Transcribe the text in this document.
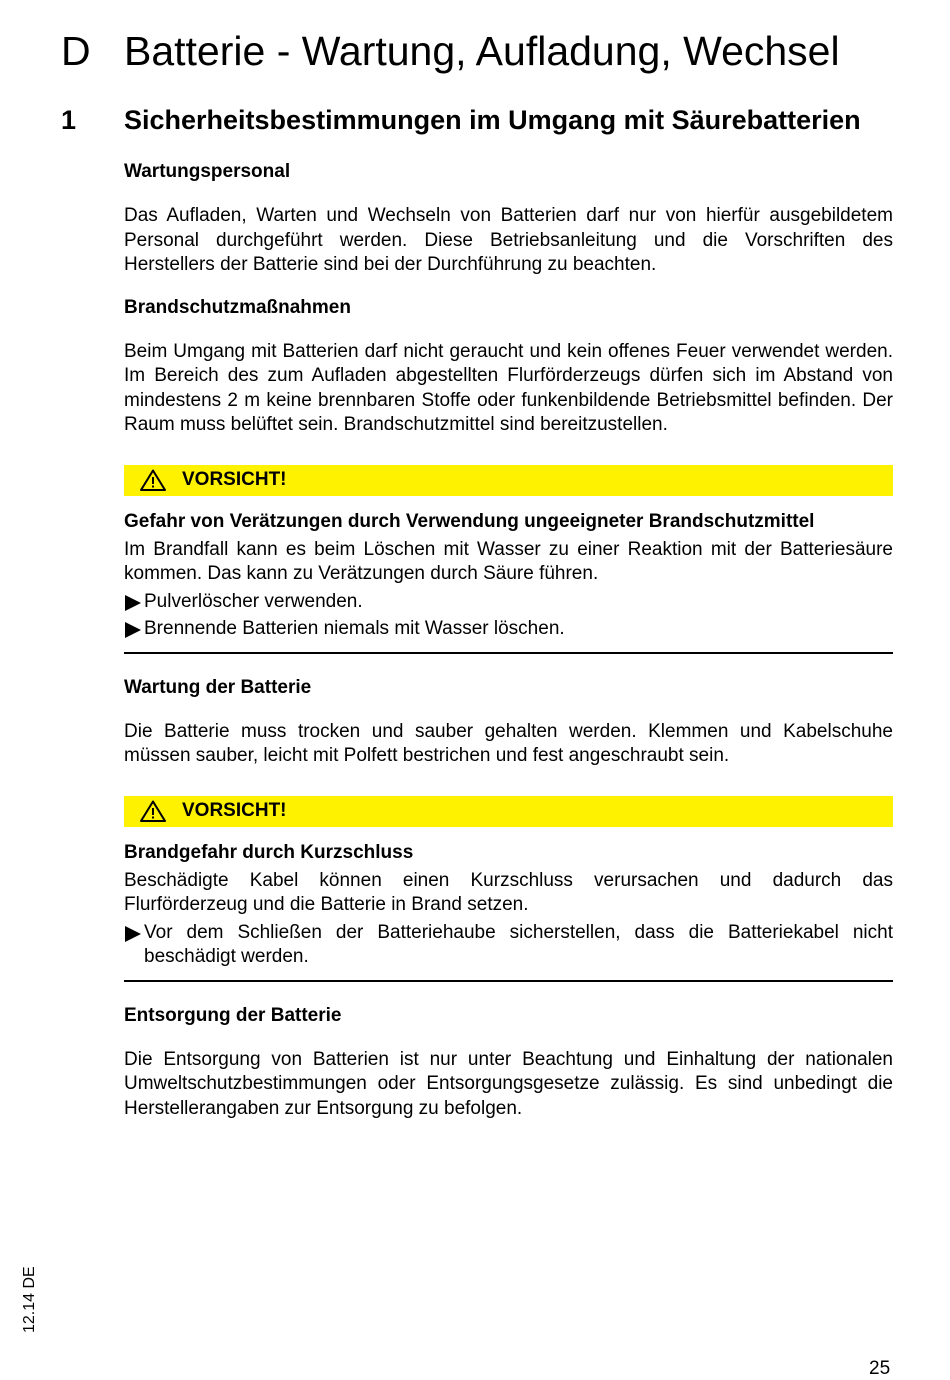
D Batterie - Wartung, Aufladung, Wechsel
1 Sicherheitsbestimmungen im Umgang mit Säurebatterien

Wartungspersonal

Das Aufladen, Warten und Wechseln von Batterien darf nur von hierfür ausgebildetem Personal durchgeführt werden. Diese Betriebsanleitung und die Vorschriften des Herstellers der Batterie sind bei der Durchführung zu beachten.

Brandschutzmaßnahmen

Beim Umgang mit Batterien darf nicht geraucht und kein offenes Feuer verwendet werden. Im Bereich des zum Aufladen abgestellten Flurförderzeugs dürfen sich im Abstand von mindestens 2 m keine brennbaren Stoffe oder funkenbildende Betriebsmittel befinden. Der Raum muss belüftet sein. Brandschutzmittel sind bereitzustellen.

VORSICHT!

Gefahr von Verätzungen durch Verwendung ungeeigneter Brandschutzmittel

Im Brandfall kann es beim Löschen mit Wasser zu einer Reaktion mit der Batteriesäure kommen. Das kann zu Verätzungen durch Säure führen.

Pulverlöscher verwenden.
Brennende Batterien niemals mit Wasser löschen.

Wartung der Batterie

Die Batterie muss trocken und sauber gehalten werden. Klemmen und Kabelschuhe müssen sauber, leicht mit Polfett bestrichen und fest angeschraubt sein.

VORSICHT!

Brandgefahr durch Kurzschluss

Beschädigte Kabel können einen Kurzschluss verursachen und dadurch das Flurförderzeug und die Batterie in Brand setzen.

Vor dem Schließen der Batteriehaube sicherstellen, dass die Batteriekabel nicht beschädigt werden.

Entsorgung der Batterie

Die Entsorgung von Batterien ist nur unter Beachtung und Einhaltung der nationalen Umweltschutzbestimmungen oder Entsorgungsgesetze zulässig. Es sind unbedingt die Herstellerangaben zur Entsorgung zu befolgen.

12.14 DE
25
